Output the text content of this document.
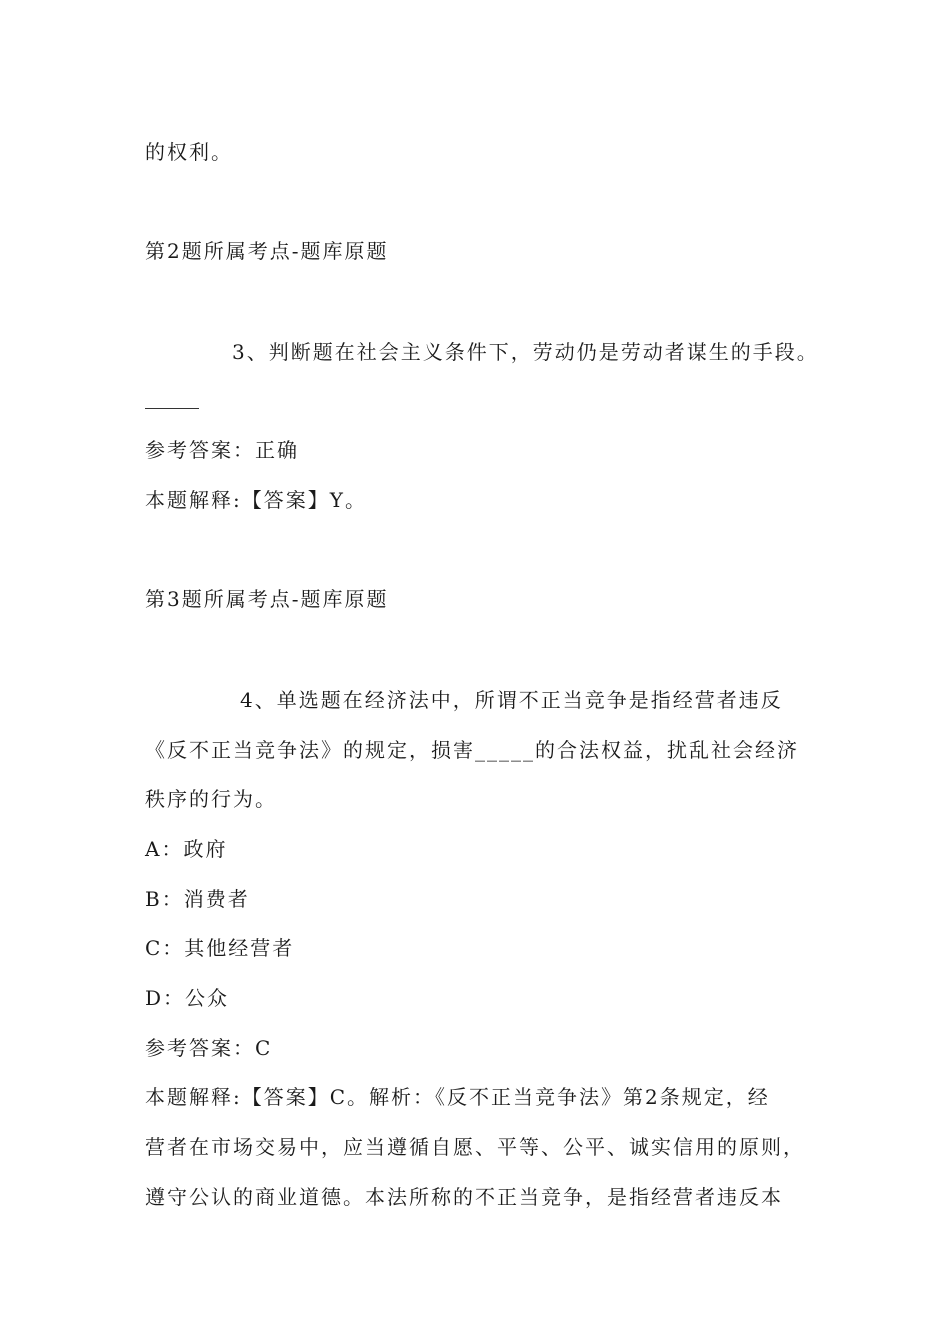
的权利。
第2题所属考点-题库原题
3、判断题在社会主义条件下，劳动仍是劳动者谋生的手段。
参考答案：正确
本题解释:【答案】Y。
第3题所属考点-题库原题
4、单选题在经济法中，所谓不正当竞争是指经营者违反
《反不正当竞争法》的规定，损害_____的合法权益，扰乱社会经济
秩序的行为。
A：政府
B：消费者
C：其他经营者
D：公众
参考答案：C
本题解释:【答案】C。解析：《反不正当竞争法》第2条规定，经
营者在市场交易中，应当遵循自愿、平等、公平、诚实信用的原则，
遵守公认的商业道德。本法所称的不正当竞争，是指经营者违反本
